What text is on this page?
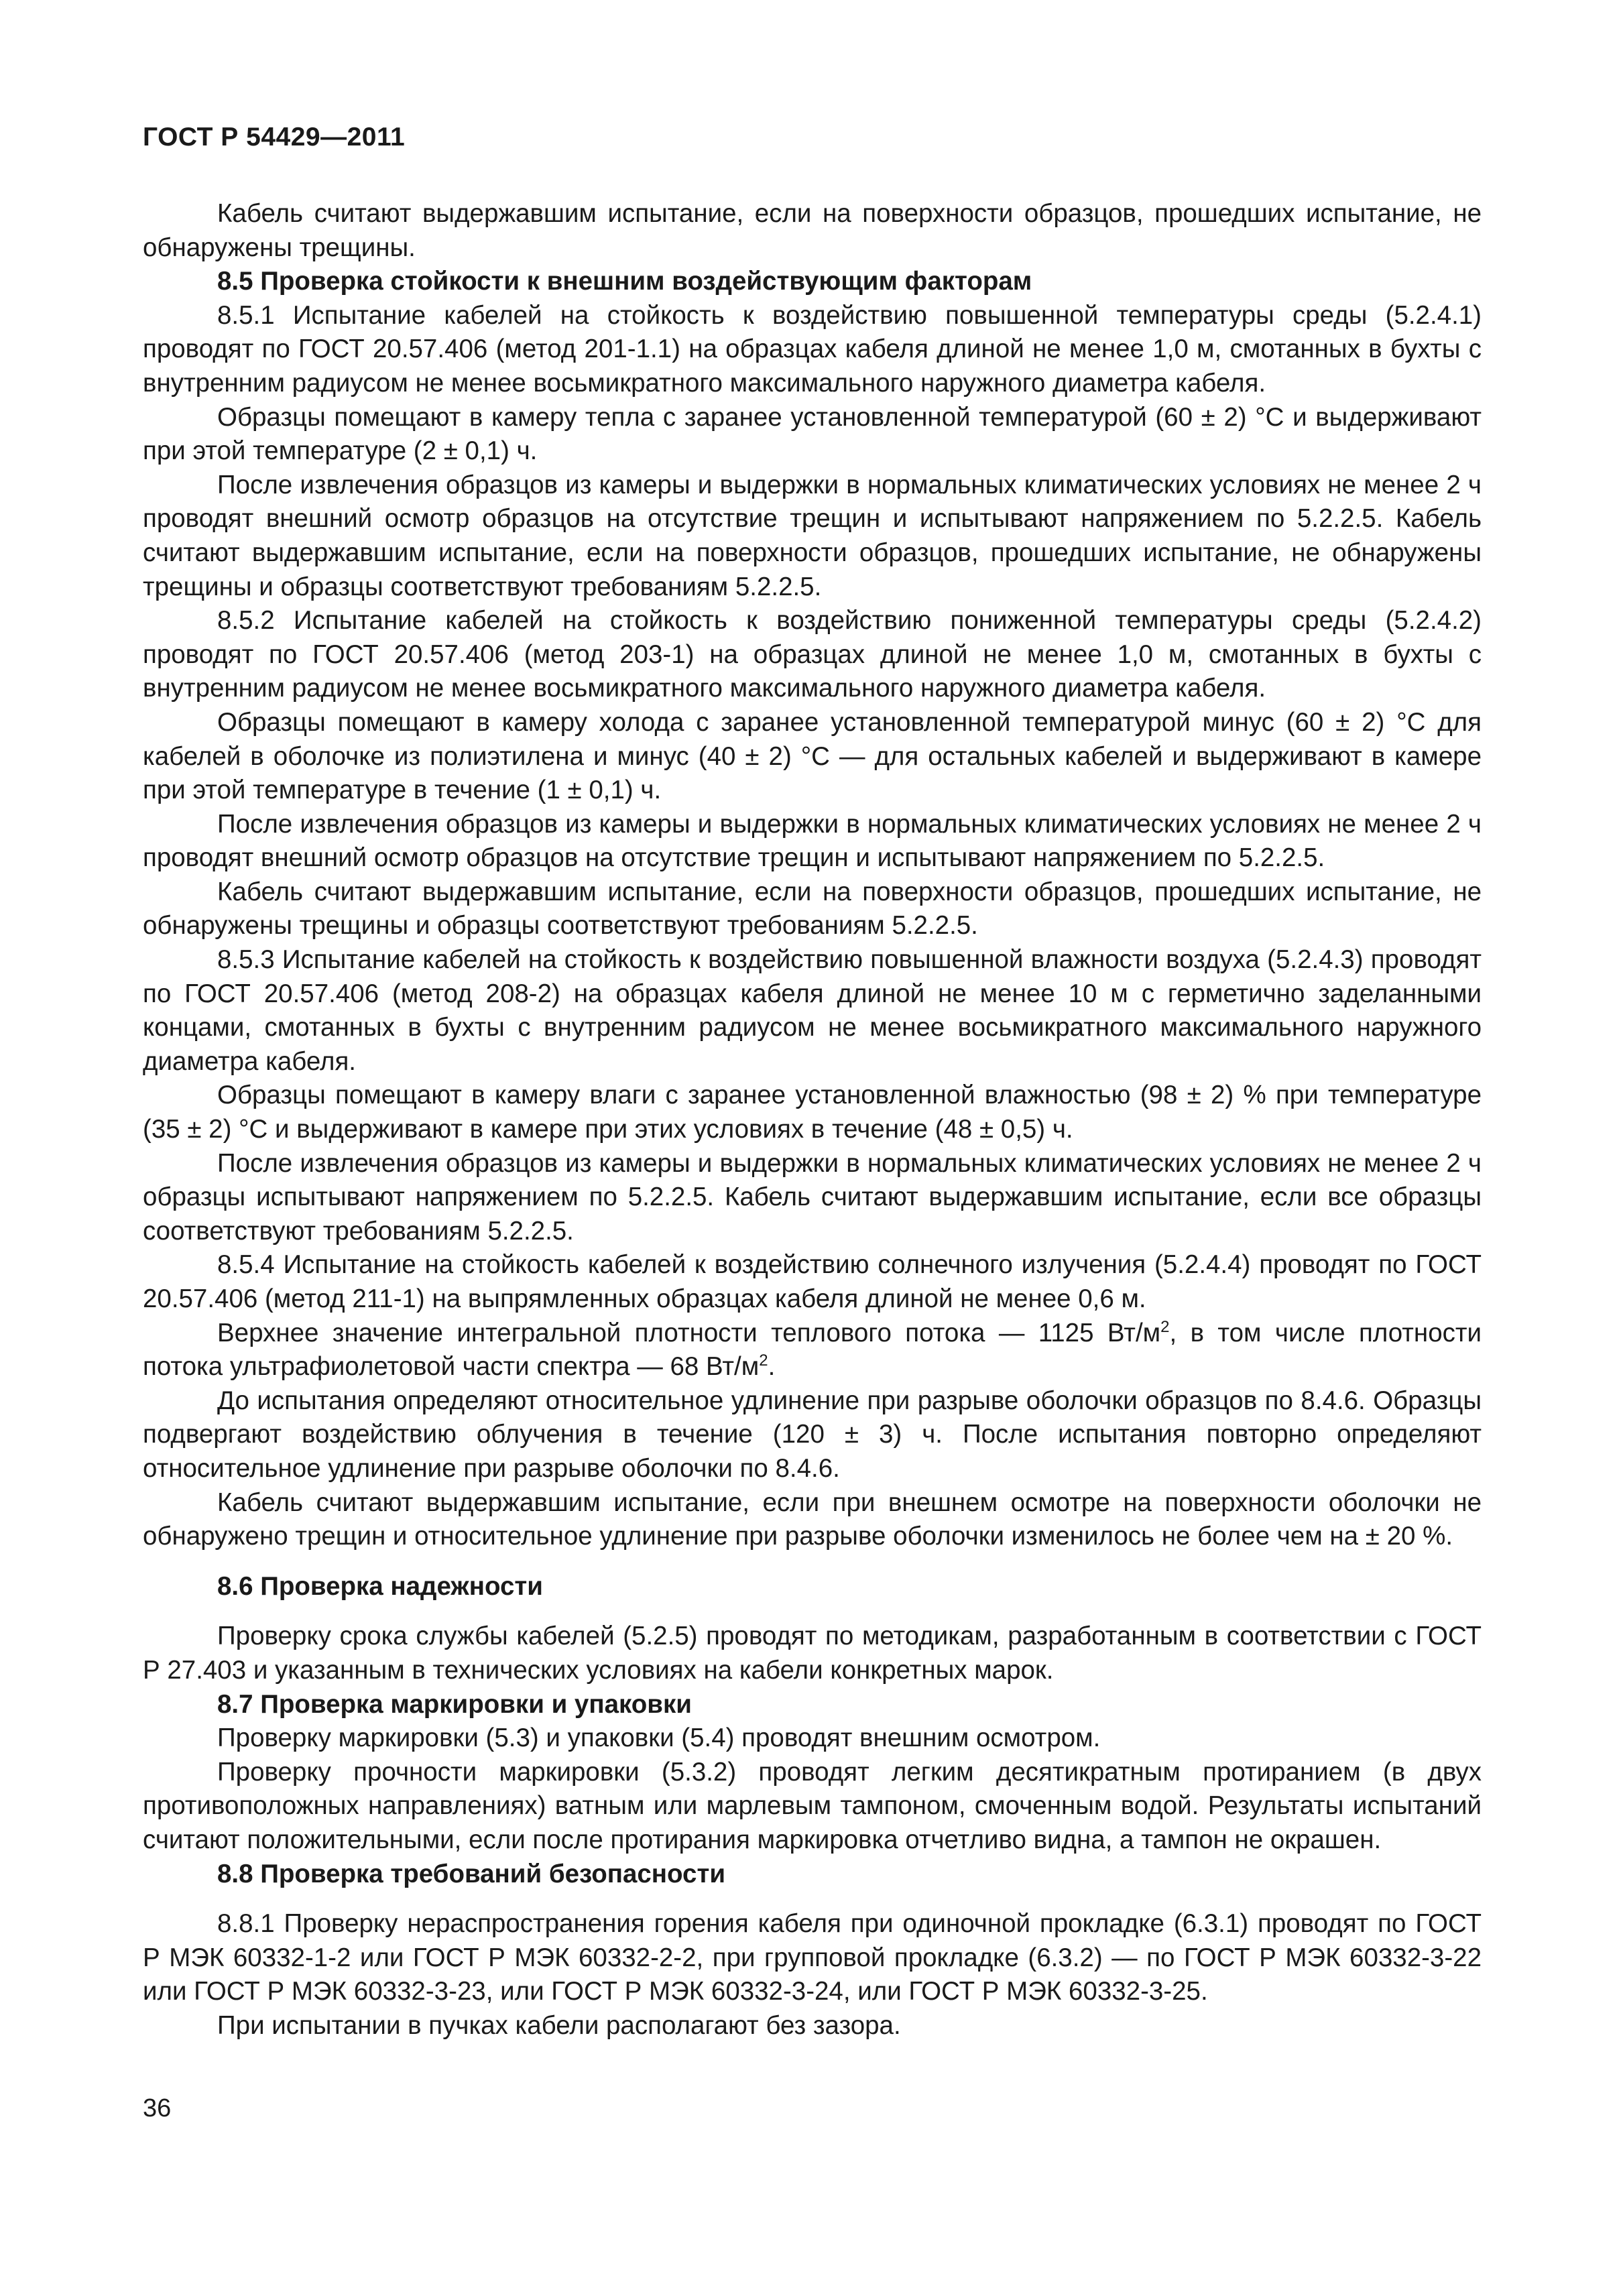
ГОСТ Р 54429—2011

Кабель считают выдержавшим испытание, если на поверхности образцов, прошедших испытание, не обнаружены трещины.

8.5 Проверка стойкости к внешним воздействующим факторам

8.5.1 Испытание кабелей на стойкость к воздействию повышенной температуры среды (5.2.4.1) проводят по ГОСТ 20.57.406 (метод 201-1.1) на образцах кабеля длиной не менее 1,0 м, смотанных в бухты с внутренним радиусом не менее восьмикратного максимального наружного диаметра кабеля.

Образцы помещают в камеру тепла с заранее установленной температурой (60 ± 2) °С и выдерживают при этой температуре (2 ± 0,1) ч.

После извлечения образцов из камеры и выдержки в нормальных климатических условиях не менее 2 ч проводят внешний осмотр образцов на отсутствие трещин и испытывают напряжением по 5.2.2.5. Кабель считают выдержавшим испытание, если на поверхности образцов, прошедших испытание, не обнаружены трещины и образцы соответствуют требованиям 5.2.2.5.

8.5.2 Испытание кабелей на стойкость к воздействию пониженной температуры среды (5.2.4.2) проводят по ГОСТ 20.57.406 (метод 203-1) на образцах длиной не менее 1,0 м, смотанных в бухты с внутренним радиусом не менее восьмикратного максимального наружного диаметра кабеля.

Образцы помещают в камеру холода с заранее установленной температурой минус (60 ± 2) °С для кабелей в оболочке из полиэтилена и минус (40 ± 2) °С — для остальных кабелей и выдерживают в камере при этой температуре в течение (1 ± 0,1) ч.

После извлечения образцов из камеры и выдержки в нормальных климатических условиях не менее 2 ч проводят внешний осмотр образцов на отсутствие трещин и испытывают напряжением по 5.2.2.5.

Кабель считают выдержавшим испытание, если на поверхности образцов, прошедших испытание, не обнаружены трещины и образцы соответствуют требованиям 5.2.2.5.

8.5.3 Испытание кабелей на стойкость к воздействию повышенной влажности воздуха (5.2.4.3) проводят по ГОСТ 20.57.406 (метод 208-2) на образцах кабеля длиной не менее 10 м с герметично заделанными концами, смотанных в бухты с внутренним радиусом не менее восьмикратного максимального наружного диаметра кабеля.

Образцы помещают в камеру влаги с заранее установленной влажностью (98 ± 2) % при температуре (35 ± 2) °С и выдерживают в камере при этих условиях в течение (48 ± 0,5) ч.

После извлечения образцов из камеры и выдержки в нормальных климатических условиях не менее 2 ч образцы испытывают напряжением по 5.2.2.5. Кабель считают выдержавшим испытание, если все образцы соответствуют требованиям 5.2.2.5.

8.5.4 Испытание на стойкость кабелей к воздействию солнечного излучения (5.2.4.4) проводят по ГОСТ 20.57.406 (метод 211-1) на выпрямленных образцах кабеля длиной не менее 0,6 м.

Верхнее значение интегральной плотности теплового потока — 1125 $Вт/м^2$, в том числе плотности потока ультрафиолетовой части спектра — 68 $Вт/м^2$.

До испытания определяют относительное удлинение при разрыве оболочки образцов по 8.4.6. Образцы подвергают воздействию облучения в течение (120 ± 3) ч. После испытания повторно определяют относительное удлинение при разрыве оболочки по 8.4.6.

Кабель считают выдержавшим испытание, если при внешнем осмотре на поверхности оболочки не обнаружено трещин и относительное удлинение при разрыве оболочки изменилось не более чем на ± 20 %.

8.6 Проверка надежности

Проверку срока службы кабелей (5.2.5) проводят по методикам, разработанным в соответствии с ГОСТ Р 27.403 и указанным в технических условиях на кабели конкретных марок.

8.7 Проверка маркировки и упаковки

Проверку маркировки (5.3) и упаковки (5.4) проводят внешним осмотром.

Проверку прочности маркировки (5.3.2) проводят легким десятикратным протиранием (в двух противоположных направлениях) ватным или марлевым тампоном, смоченным водой. Результаты испытаний считают положительными, если после протирания маркировка отчетливо видна, а тампон не окрашен.

8.8 Проверка требований безопасности

8.8.1 Проверку нераспространения горения кабеля при одиночной прокладке (6.3.1) проводят по ГОСТ Р МЭК 60332-1-2 или ГОСТ Р МЭК 60332-2-2, при групповой прокладке (6.3.2) — по ГОСТ Р МЭК 60332-3-22 или ГОСТ Р МЭК 60332-3-23, или ГОСТ Р МЭК 60332-3-24, или ГОСТ Р МЭК 60332-3-25.

При испытании в пучках кабели располагают без зазора.

36
